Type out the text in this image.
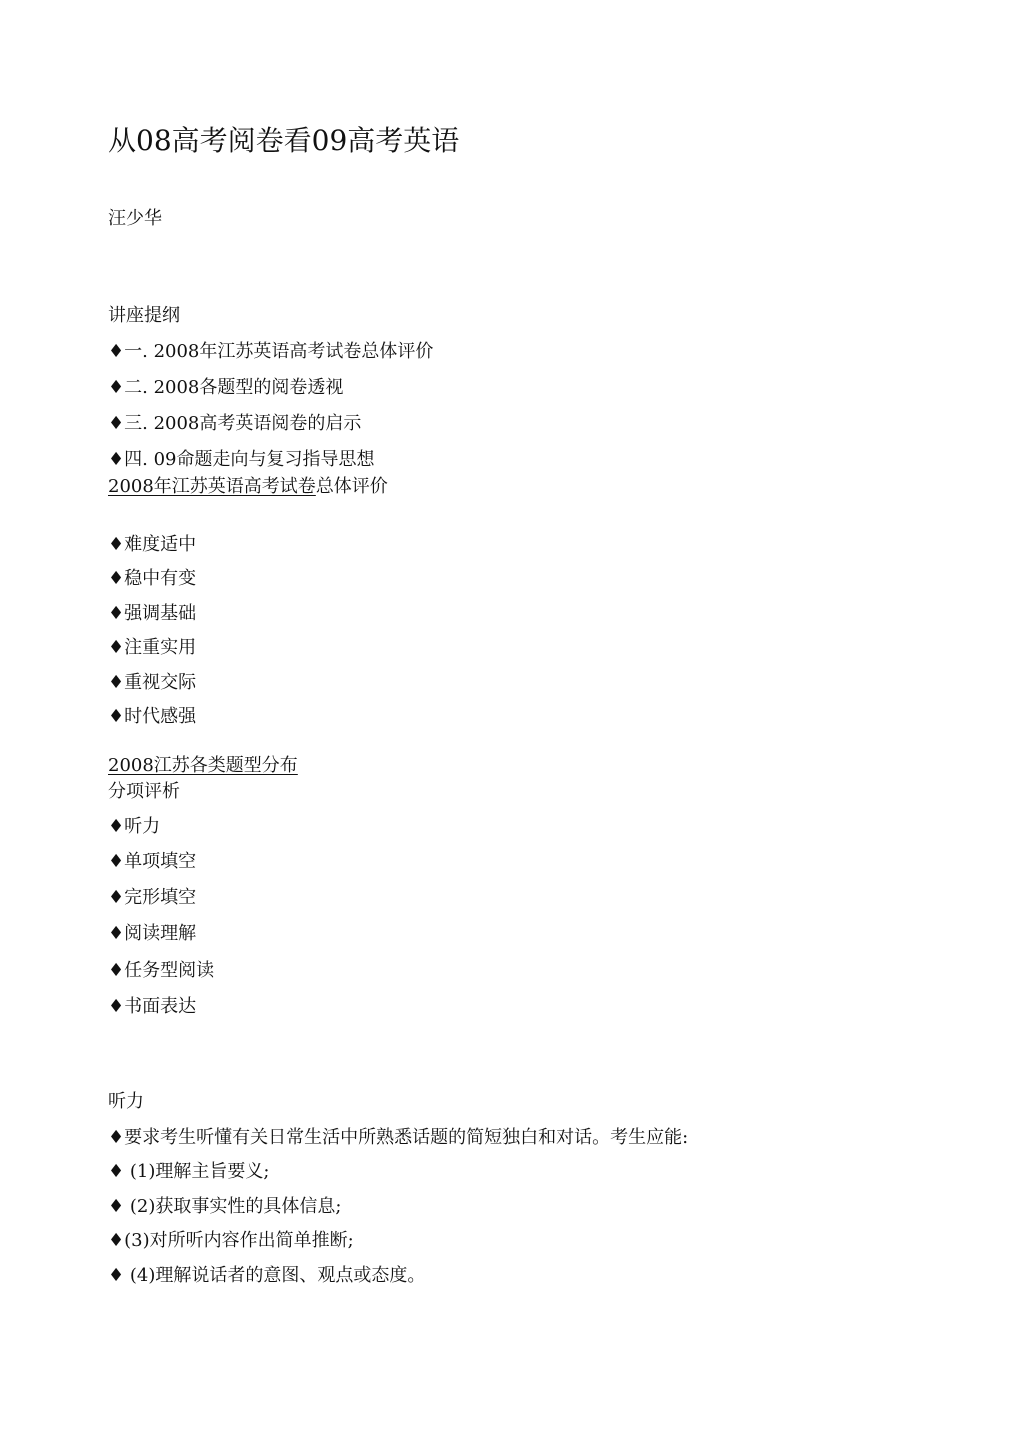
从08高考阅卷看09高考英语
汪少华
讲座提纲
♦一. 2008年江苏英语高考试卷总体评价
♦二. 2008各题型的阅卷透视
♦三. 2008高考英语阅卷的启示
♦四. 09命题走向与复习指导思想
2008年江苏英语高考试卷总体评价
♦难度适中
♦稳中有变
♦强调基础
♦注重实用
♦重视交际
♦时代感强
2008江苏各类题型分布
分项评析
♦听力
♦单项填空
♦完形填空
♦阅读理解
♦任务型阅读
♦书面表达
听力
♦要求考生听懂有关日常生活中所熟悉话题的简短独白和对话。考生应能:
♦ (1)理解主旨要义;
♦ (2)获取事实性的具体信息;
♦(3)对所听内容作出简单推断;
♦ (4)理解说话者的意图、观点或态度。
